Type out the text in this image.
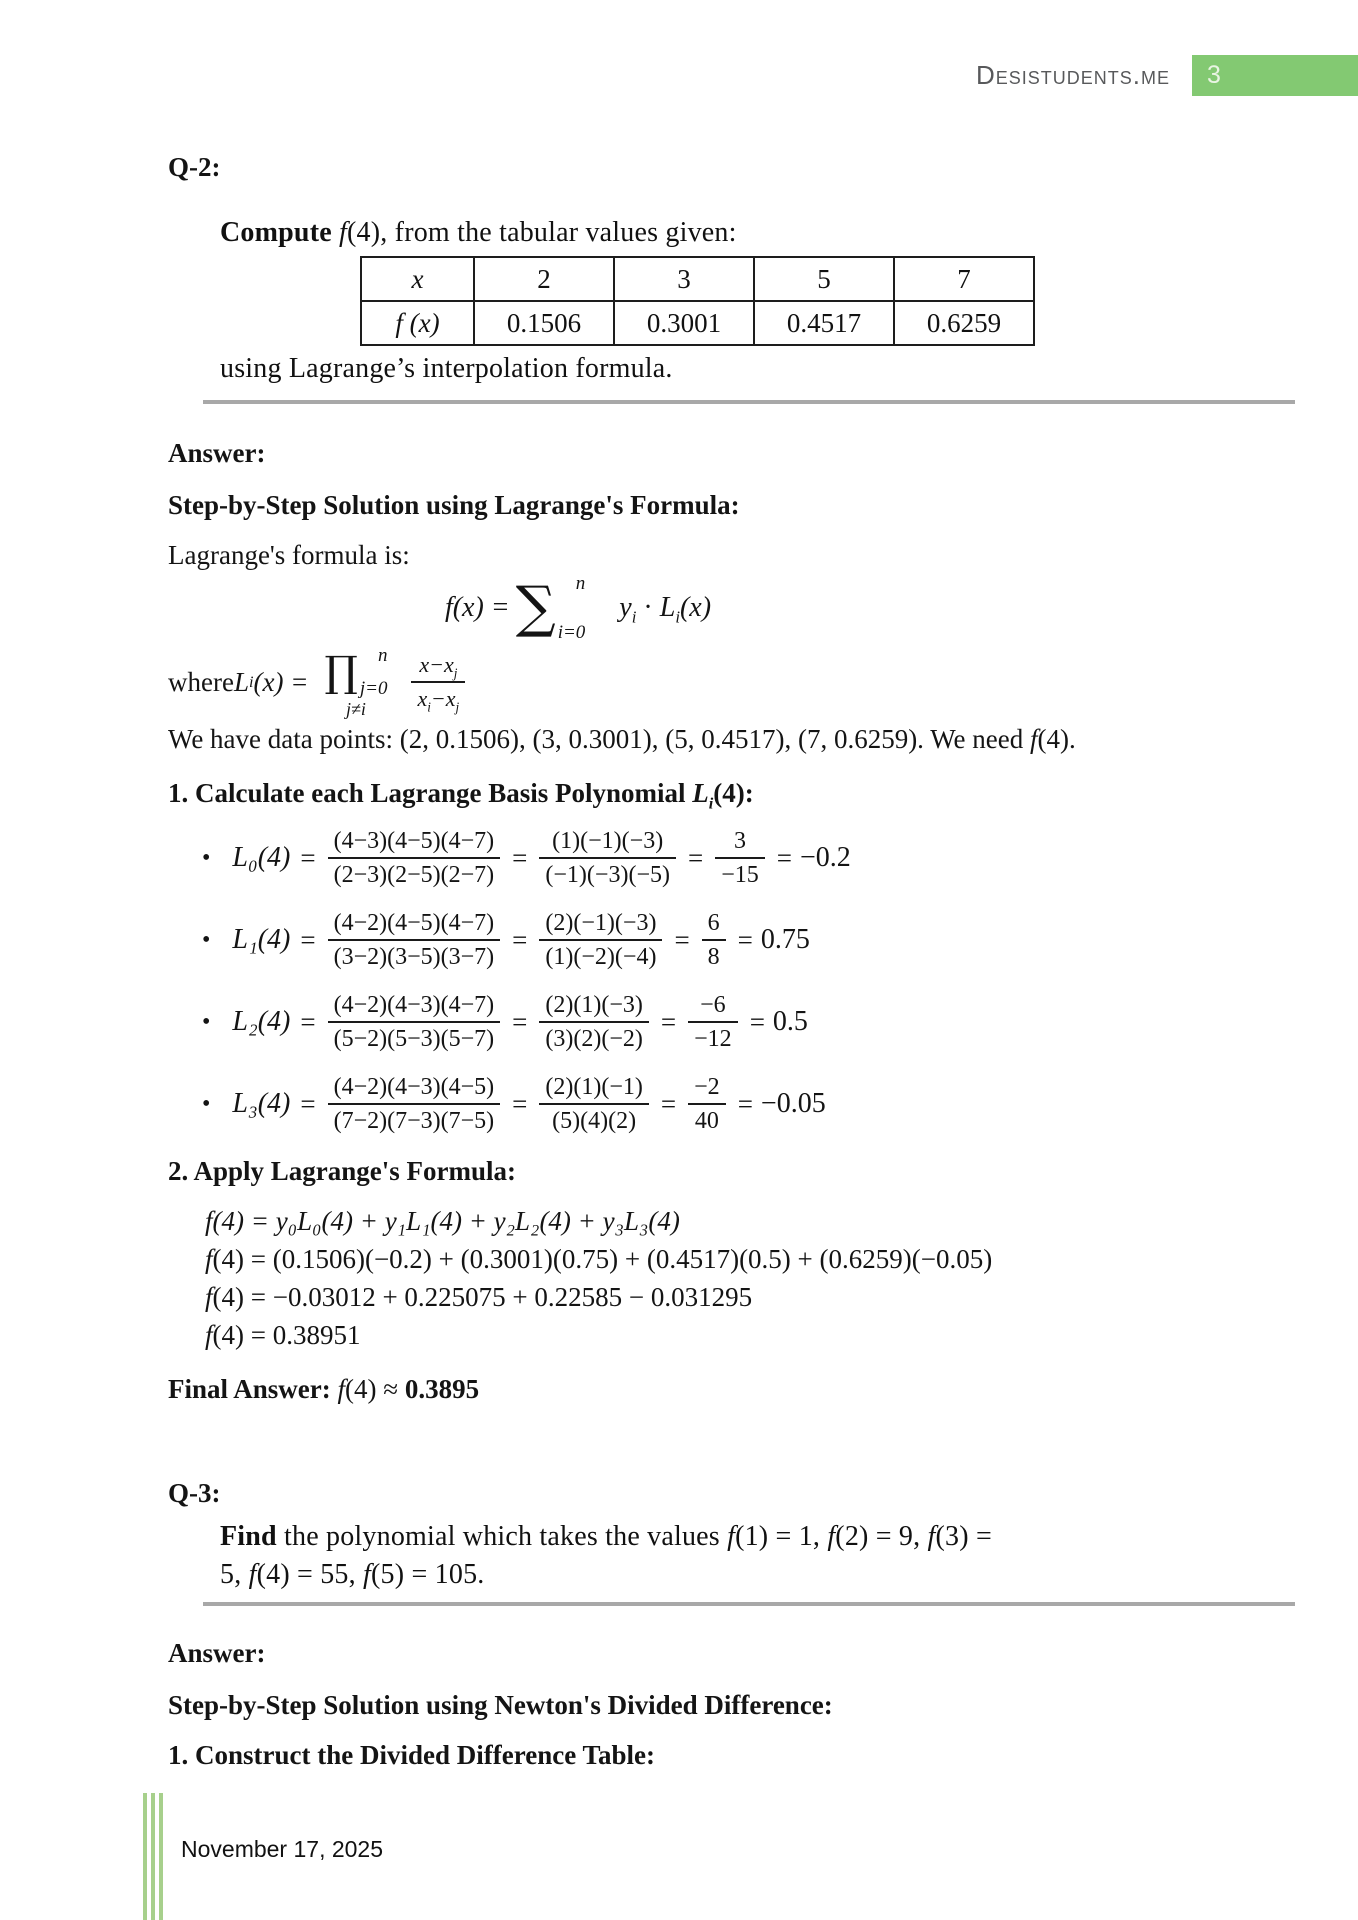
Desistudents.me 3
Q-2:
Compute f(4), from the tabular values given:
x	2	3	5	7
f (x)	0.1506	0.3001	0.4517	0.6259
using Lagrange’s interpolation formula.
Answer:
Step-by-Step Solution using Lagrange's Formula:
Lagrange's formula is:
f (x) = ∑ n
i=0
$y_i \cdot L_i(x)$
where L i (x) = ∏ n
j=0
$j\ne i \frac{x-x_j}{x_i-x_j}$
We have data points: (2, 0.1506), (3, 0.3001), (5, 0.4517), (7, 0.6259). We need f(4).
1. Calculate each Lagrange Basis Polynomial $L_i(4)$:
• $L_0(4) = \frac{(4-3)(4-5)(4-7)}{(2-3)(2-5)(2-7)} = \frac{(1)(-1)(-3)}{(-1)(-3)(-5)} = \frac{3}{-15} = -0.2$
• $L_1(4) = \frac{(4-2)(4-5)(4-7)}{(3-2)(3-5)(3-7)} = \frac{(2)(-1)(-3)}{(1)(-2)(-4)} = \frac{6}{8} = 0.75$
• $L_2(4) = \frac{(4-2)(4-3)(4-7)}{(5-2)(5-3)(5-7)} = \frac{(2)(1)(-3)}{(3)(2)(-2)} = \frac{-6}{-12} = 0.5$
• $L_3(4) = \frac{(4-2)(4-3)(4-5)}{(7-2)(7-3)(7-5)} = \frac{(2)(1)(-1)}{(5)(4)(2)} = \frac{-2}{40} = -0.05$
2. Apply Lagrange's Formula:
f(4) = y₀L₀(4) + y₁L₁(4) + y₂L₂(4) + y₃L₃(4)
f(4) = (0.1506)(−0.2) + (0.3001)(0.75) + (0.4517)(0.5) + (0.6259)(−0.05)
f(4) = −0.03012 + 0.225075 + 0.22585 − 0.031295
f(4) = 0.38951
Final Answer: f(4) ≈ 0.3895
Q-3:
Find the polynomial which takes the values f(1) = 1, f(2) = 9, f(3) =
5, f(4) = 55, f(5) = 105.
Answer:
Step-by-Step Solution using Newton's Divided Difference:
1. Construct the Divided Difference Table:
November 17, 2025
